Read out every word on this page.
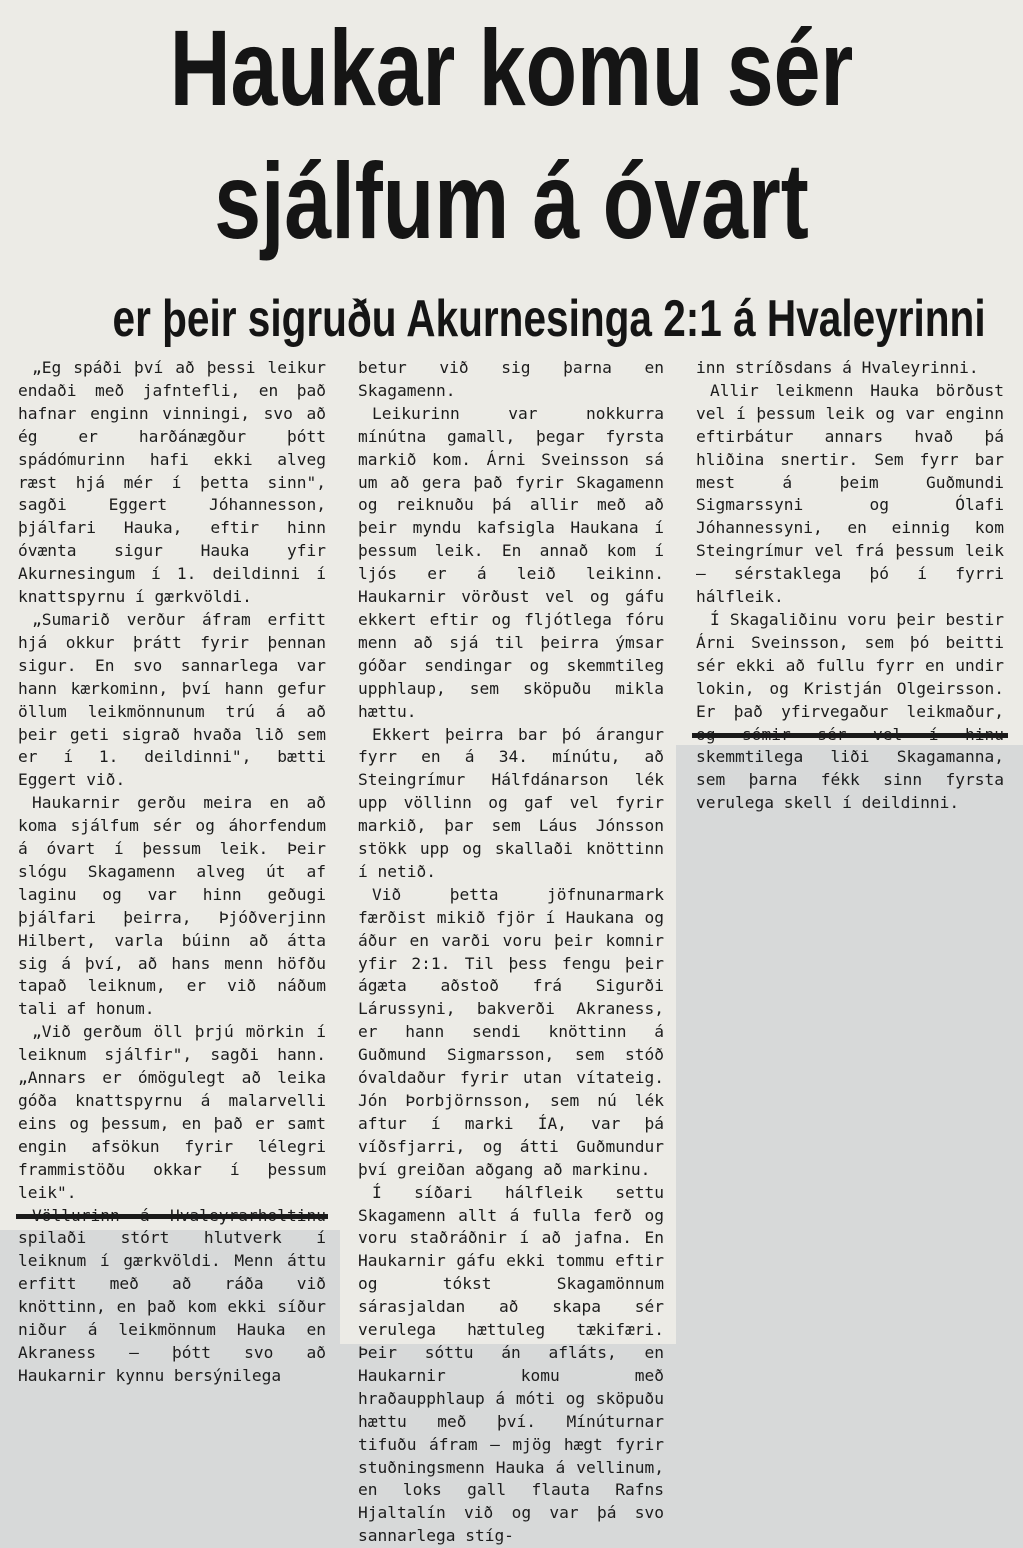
Haukar komu sér
sjálfum á óvart
er þeir sigruðu Akurnesinga 2:1 á Hvaleyrinni

„Eg spáði því að þessi leikur endaði með jafntefli, en það hafnar enginn vinningi, svo að ég er harðánægður þótt spádómurinn hafi ekki alveg ræst hjá mér í þetta sinn", sagði Eggert Jóhannesson, þjálfari Hauka, eftir hinn óvænta sigur Hauka yfir Akurnesingum í 1. deildinni í knattspyrnu í gærkvöldi.

„Sumarið verður áfram erfitt hjá okkur þrátt fyrir þennan sigur. En svo sannarlega var hann kærkominn, því hann gefur öllum leikmönnunum trú á að þeir geti sigrað hvaða lið sem er í 1. deildinni", bætti Eggert við.

Haukarnir gerðu meira en að koma sjálfum sér og áhorfendum á óvart í þessum leik. Þeir slógu Skagamenn alveg út af laginu og var hinn geðugi þjálfari þeirra, Þjóðverjinn Hilbert, varla búinn að átta sig á því, að hans menn höfðu tapað leiknum, er við náðum tali af honum.

„Við gerðum öll þrjú mörkin í leiknum sjálfir", sagði hann. „Annars er ómögulegt að leika góða knattspyrnu á malarvelli eins og þessum, en það er samt engin afsökun fyrir lélegri frammistöðu okkar í þessum leik".

spilaði stórt hlutverk í leiknum í gærkvöldi. Menn áttu erfitt með að ráða við knöttinn, en það kom ekki síður niður á leikmönnum Hauka en Akraness — þótt svo að Haukarnir kynnu bersýnilega

betur við sig þarna en Skagamenn.

Leikurinn var nokkurra mínútna gamall, þegar fyrsta markið kom. Árni Sveinsson sá um að gera það fyrir Skagamenn og reiknuðu þá allir með að þeir myndu kafsigla Haukana í þessum leik. En annað kom í ljós er á leið leikinn. Haukarnir vörðust vel og gáfu ekkert eftir og fljótlega fóru menn að sjá til þeirra ýmsar góðar sendingar og skemmtileg upphlaup, sem sköpuðu mikla hættu.

Ekkert þeirra bar þó árangur fyrr en á 34. mínútu, að Steingrímur Hálfdánarson lék upp völlinn og gaf vel fyrir markið, þar sem Láus Jónsson stökk upp og skallaði knöttinn í netið.

Við þetta jöfnunarmark færðist mikið fjör í Haukana og áður en varði voru þeir komnir yfir 2:1. Til þess fengu þeir ágæta aðstoð frá Sigurði Lárussyni, bakverði Akraness, er hann sendi knöttinn á Guðmund Sigmarsson, sem stóð óvaldaður fyrir utan vítateig. Jón Þorbjörnsson, sem nú lék aftur í marki ÍA, var þá víðsfjarri, og átti Guðmundur því greiðan aðgang að markinu.

Í síðari hálfleik settu Skagamenn allt á fulla ferð og voru staðráðnir í að jafna. En Haukarnir gáfu ekki tommu eftir og tókst Skagamönnum sárasjaldan að skapa sér verulega hættuleg tækifæri. Þeir sóttu án afláts, en Haukarnir komu með hraðaupphlaup á móti og sköpuðu hættu með því. Mínúturnar tifuðu áfram — mjög hægt fyrir stuðningsmenn Hauka á vellinum, en loks gall flauta Rafns Hjaltalín við og var þá svo sannarlega stíg-

inn stríðsdans á Hvaleyrinni.

Allir leikmenn Hauka börðust vel í þessum leik og var enginn eftirbátur annars hvað þá hliðina snertir. Sem fyrr bar mest á þeim Guðmundi Sigmarssyni og Ólafi Jóhannessyni, en einnig kom Steingrímur vel frá þessum leik — sérstaklega þó í fyrri hálfleik.

Í Skagaliðinu voru þeir bestir Árni Sveinsson, sem þó beitti sér ekki að fullu fyrr en undir lokin, og Kristján Olgeirsson. Er það yfirvegaður leikmaður, skemmtilega liði Skagamanna, sem þarna fékk sinn fyrsta verulega skell í deildinni.
